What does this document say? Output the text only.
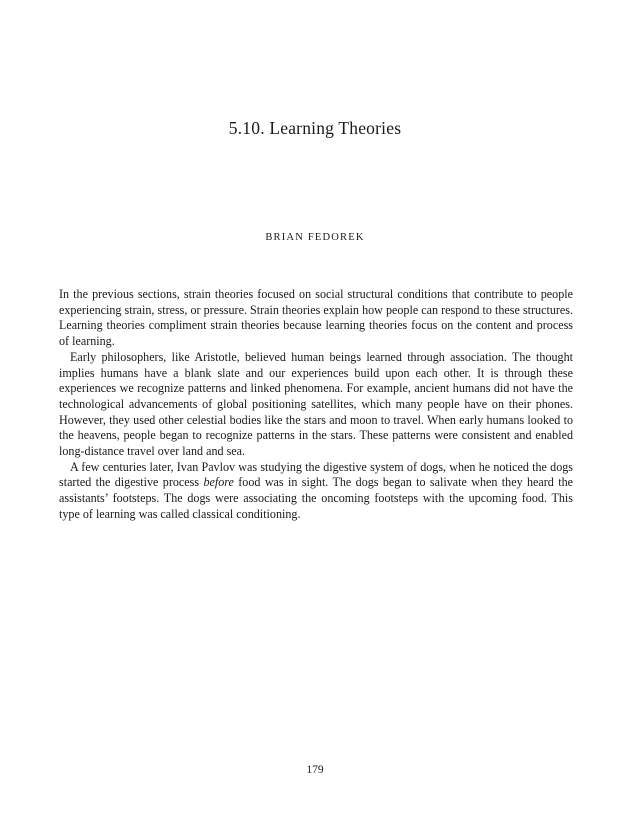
5.10. Learning Theories
BRIAN FEDOREK

In the previous sections, strain theories focused on social structural conditions that contribute to people experiencing strain, stress, or pressure. Strain theories explain how people can respond to these structures. Learning theories compliment strain theories because learning theories focus on the content and process of learning.

Early philosophers, like Aristotle, believed human beings learned through association. The thought implies humans have a blank slate and our experiences build upon each other. It is through these experiences we recognize patterns and linked phenomena. For example, ancient humans did not have the technological advancements of global positioning satellites, which many people have on their phones. However, they used other celestial bodies like the stars and moon to travel. When early humans looked to the heavens, people began to recognize patterns in the stars. These patterns were consistent and enabled long-distance travel over land and sea.

A few centuries later, Ivan Pavlov was studying the digestive system of dogs, when he noticed the dogs started the digestive process before food was in sight. The dogs began to salivate when they heard the assistants’ footsteps. The dogs were associating the oncoming footsteps with the upcoming food. This type of learning was called classical conditioning.

179
